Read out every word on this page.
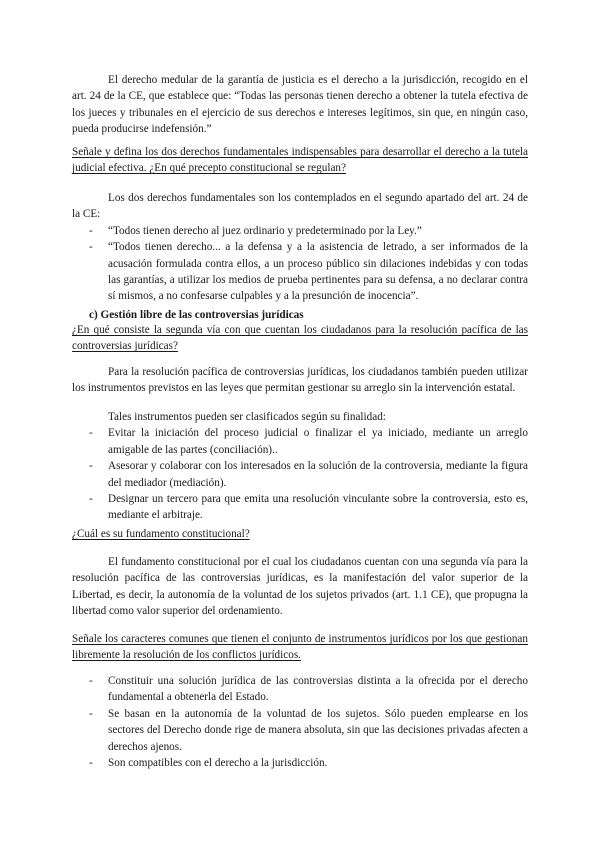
El derecho medular de la garantía de justicia es el derecho a la jurisdicción, recogido en el art. 24 de la CE, que establece que: “Todas las personas tienen derecho a obtener la tutela efectiva de los jueces y tribunales en el ejercicio de sus derechos e intereses legítimos, sin que, en ningún caso, pueda producirse indefensión.”

Señale y defina los dos derechos fundamentales indispensables para desarrollar el derecho a la tutela judicial efectiva. ¿En qué precepto constitucional se regulan?

Los dos derechos fundamentales son los contemplados en el segundo apartado del art. 24 de la CE:

- “Todos tienen derecho al juez ordinario y predeterminado por la Ley.”
- “Todos tienen derecho... a la defensa y a la asistencia de letrado, a ser informados de la acusación formulada contra ellos, a un proceso público sin dilaciones indebidas y con todas las garantías, a utilizar los medios de prueba pertinentes para su defensa, a no declarar contra sí mismos, a no confesarse culpables y a la presunción de inocencia”.

c) Gestión libre de las controversias jurídicas

¿En qué consiste la segunda vía con que cuentan los ciudadanos para la resolución pacífica de las controversias jurídicas?

Para la resolución pacífica de controversias jurídicas, los ciudadanos también pueden utilizar los instrumentos previstos en las leyes que permitan gestionar su arreglo sin la intervención estatal.

Tales instrumentos pueden ser clasificados según su finalidad:

- Evitar la iniciación del proceso judicial o finalizar el ya iniciado, mediante un arreglo amigable de las partes (conciliación)..
- Asesorar y colaborar con los interesados en la solución de la controversia, mediante la figura del mediador (mediación).
- Designar un tercero para que emita una resolución vinculante sobre la controversia, esto es, mediante el arbitraje.

¿Cuál es su fundamento constitucional?

El fundamento constitucional por el cual los ciudadanos cuentan con una segunda vía para la resolución pacífica de las controversias jurídicas, es la manifestación del valor superior de la Libertad, es decir, la autonomía de la voluntad de los sujetos privados (art. 1.1 CE), que propugna la libertad como valor superior del ordenamiento.

Señale los caracteres comunes que tienen el conjunto de instrumentos jurídicos por los que gestionan libremente la resolución de los conflictos jurídicos.

- Constituir una solución jurídica de las controversias distinta a la ofrecida por el derecho fundamental a obtenerla del Estado.
- Se basan en la autonomía de la voluntad de los sujetos. Sólo pueden emplearse en los sectores del Derecho donde rige de manera absoluta, sin que las decisiones privadas afecten a derechos ajenos.
- Son compatibles con el derecho a la jurisdicción.
